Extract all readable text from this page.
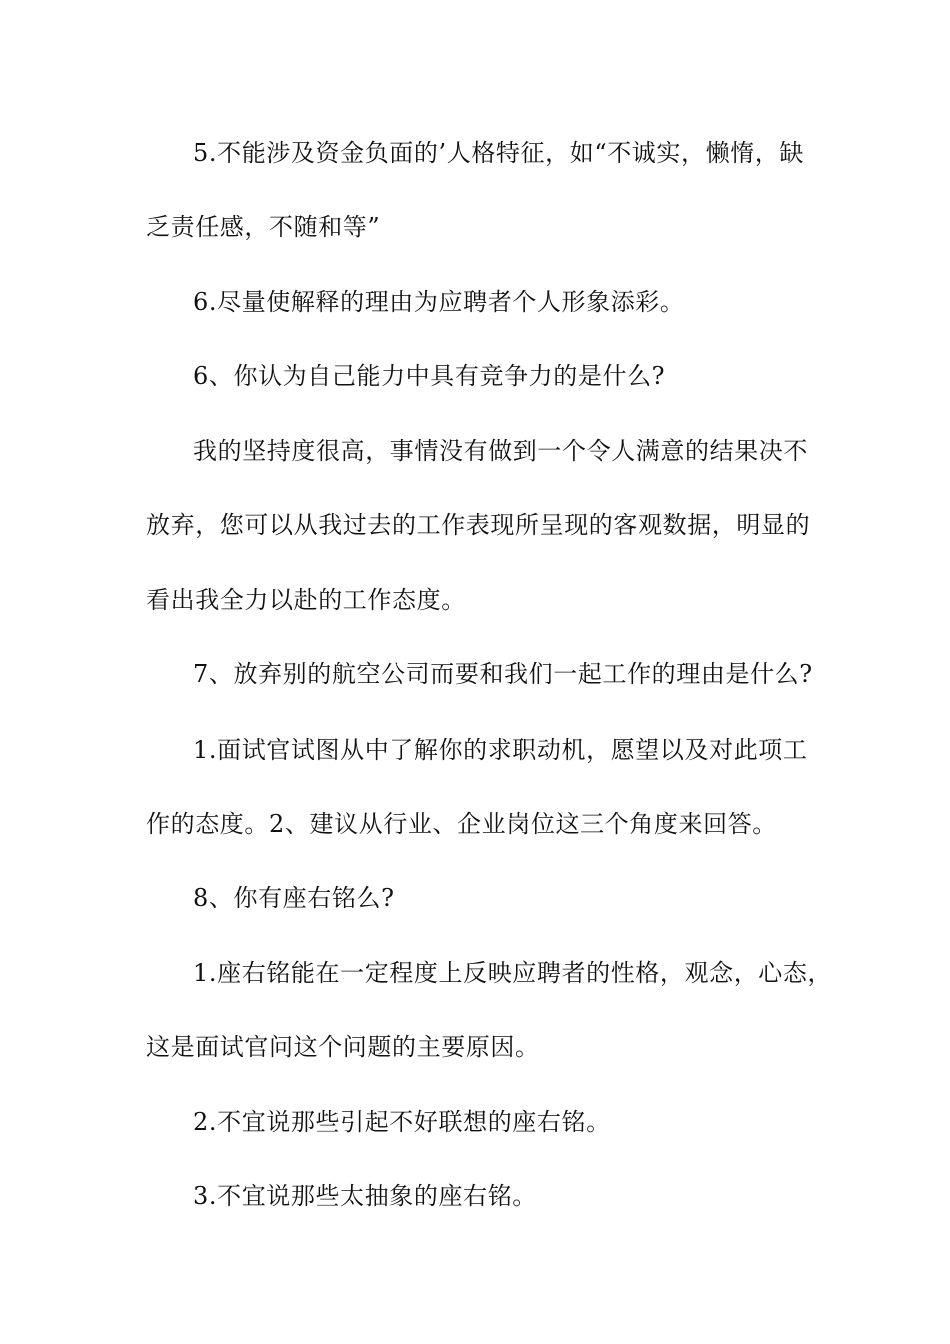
5.不能涉及资金负面的’人格特征，如“不诚实，懒惰，缺
乏责任感，不随和等”
6.尽量使解释的理由为应聘者个人形象添彩。
6、你认为自己能力中具有竞争力的是什么?
我的坚持度很高，事情没有做到一个令人满意的结果决不
放弃，您可以从我过去的工作表现所呈现的客观数据，明显的
看出我全力以赴的工作态度。
7、放弃别的航空公司而要和我们一起工作的理由是什么?
1.面试官试图从中了解你的求职动机，愿望以及对此项工
作的态度。2、建议从行业、企业岗位这三个角度来回答。
8、你有座右铭么?
1.座右铭能在一定程度上反映应聘者的性格，观念，心态，
这是面试官问这个问题的主要原因。
2.不宜说那些引起不好联想的座右铭。
3.不宜说那些太抽象的座右铭。
